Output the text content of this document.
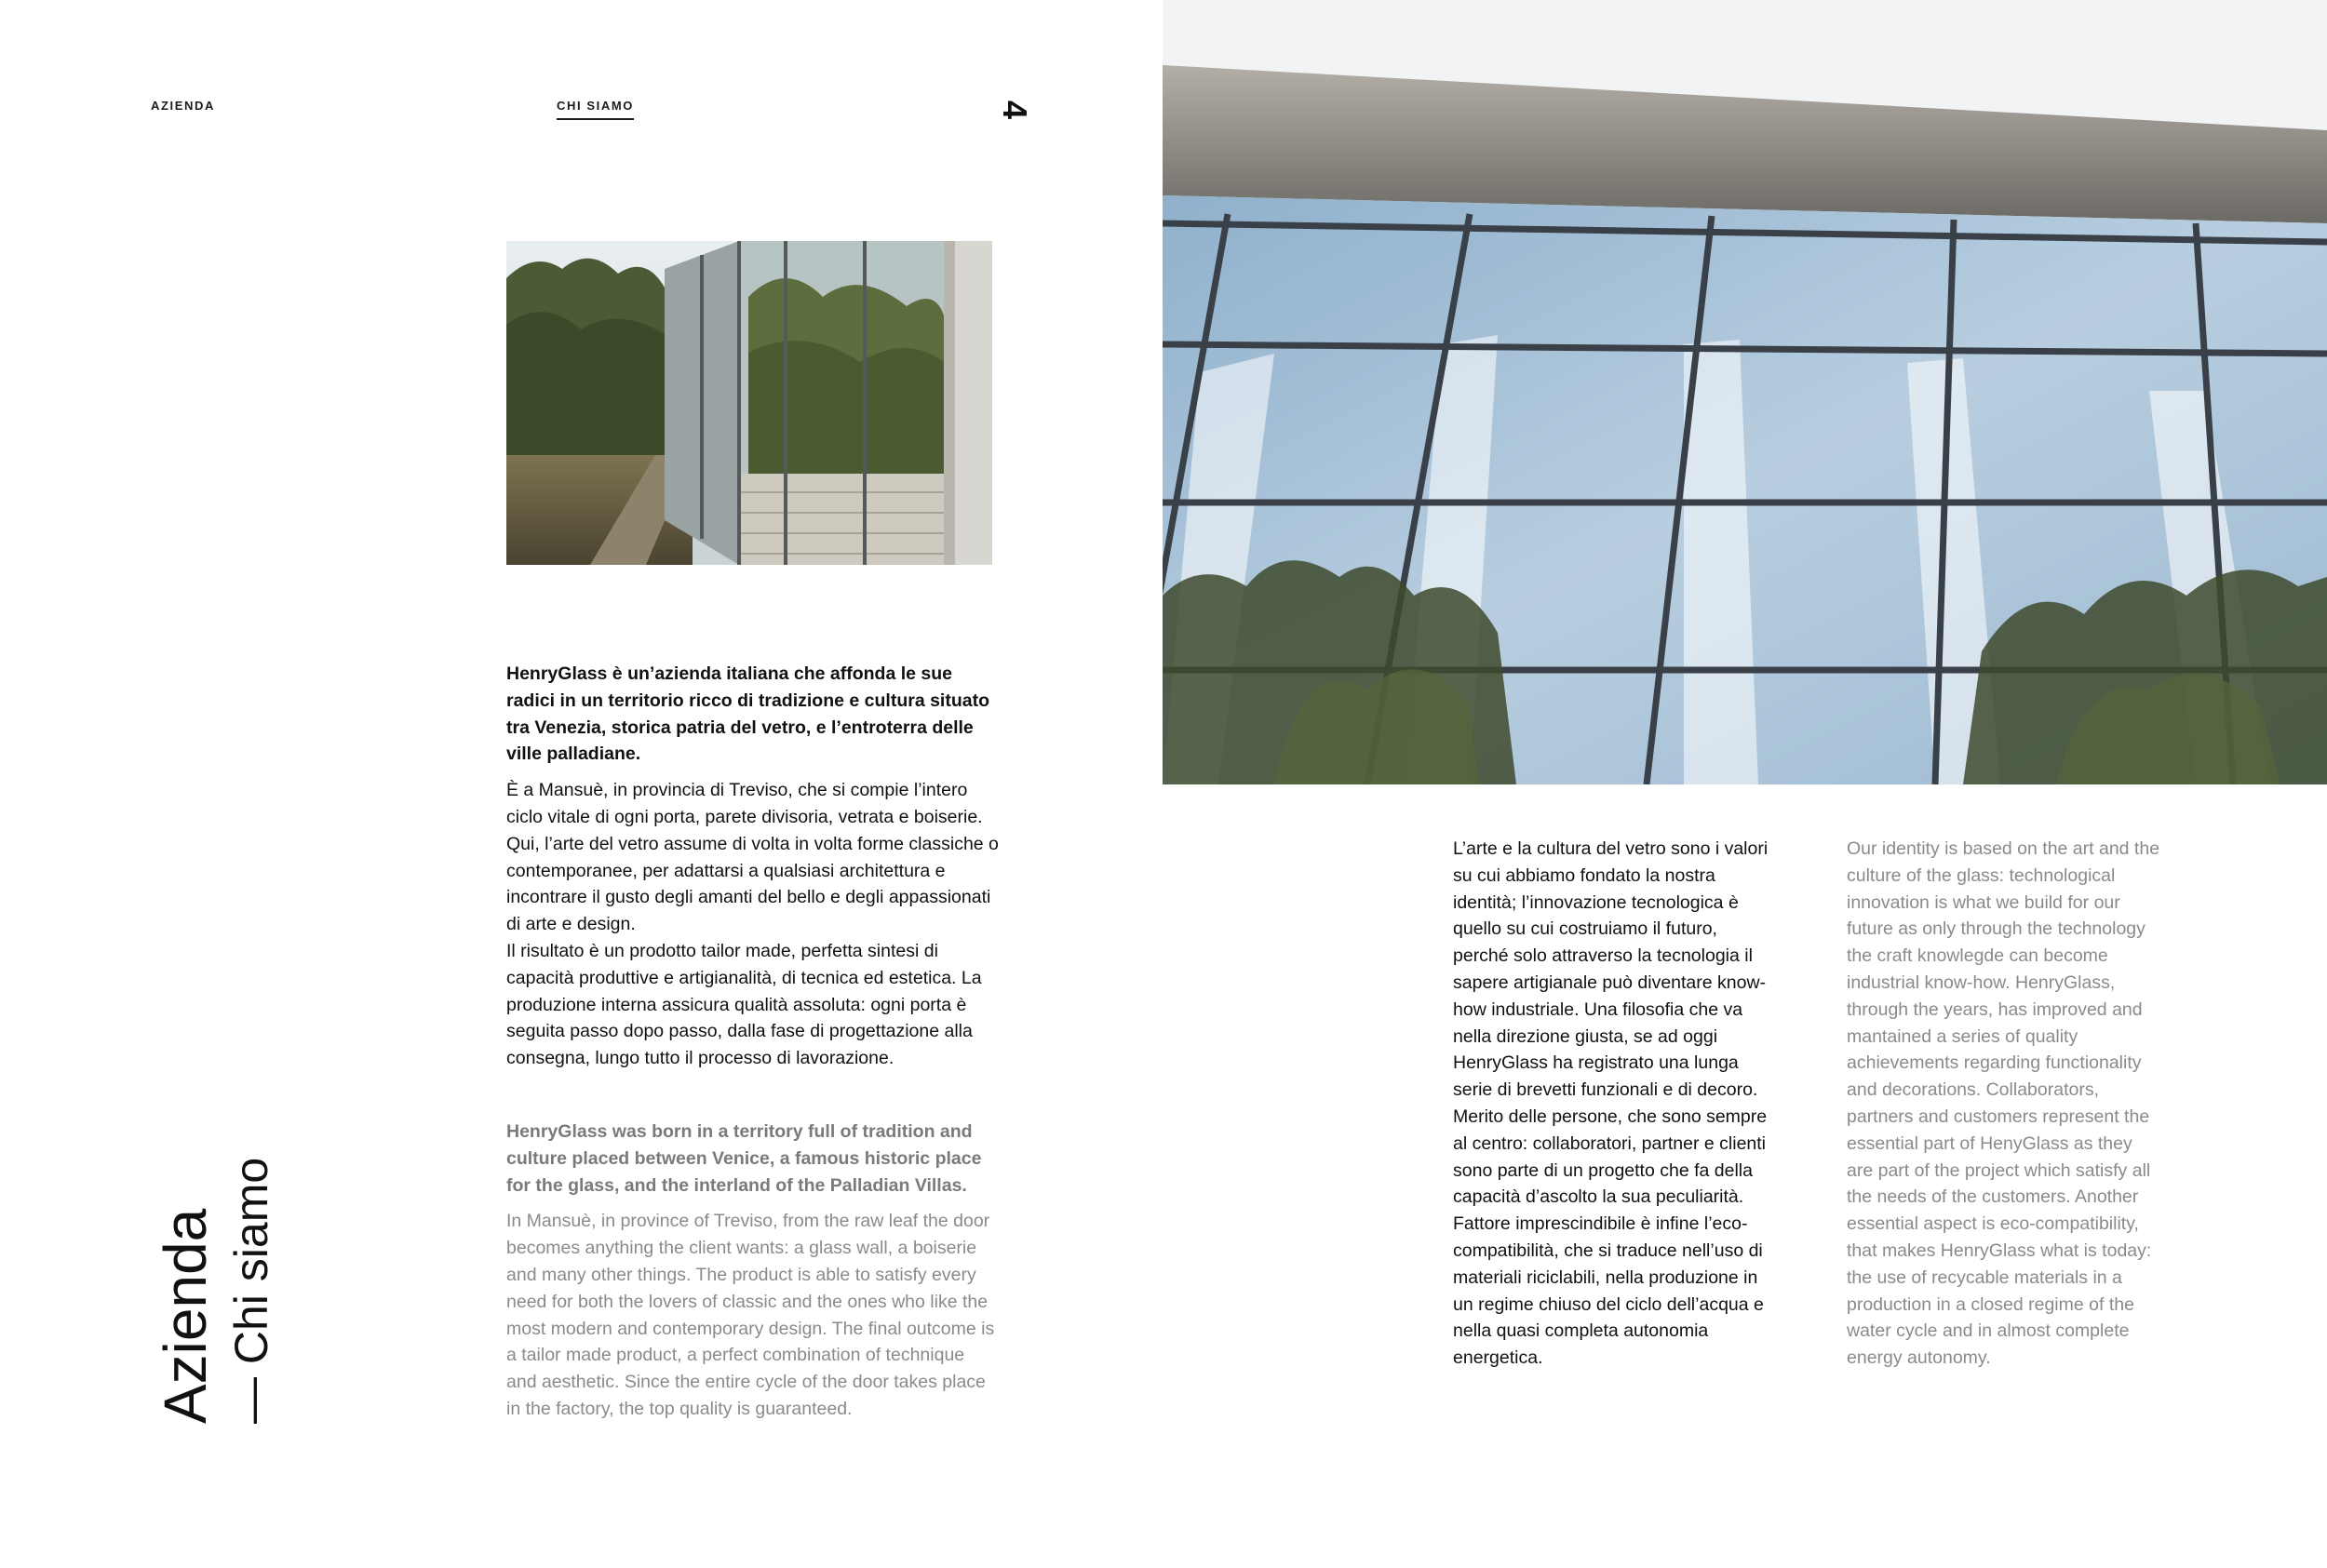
AZIENDA	CHI SIAMO	4
Azienda — Chi siamo

HenryGlass è un’azienda italiana che affonda le sue radici in un territorio ricco di tradizione e cultura situato tra Venezia, storica patria del vetro, e l’entroterra delle ville palladiane.

È a Mansuè, in provincia di Treviso, che si compie l’intero ciclo vitale di ogni porta, parete divisoria, vetrata e boiserie. Qui, l’arte del vetro assume di volta in volta forme classiche o contemporanee, per adattarsi a qualsiasi architettura e incontrare il gusto degli amanti del bello e degli appassionati di arte e design.

Il risultato è un prodotto tailor made, perfetta sintesi di capacità produttive e artigianalità, di tecnica ed estetica. La produzione interna assicura qualità assoluta: ogni porta è seguita passo dopo passo, dalla fase di progettazione alla consegna, lungo tutto il processo di lavorazione.

HenryGlass was born in a territory full of tradition and culture placed between Venice, a famous historic place for the glass, and the interland of the Palladian Villas.

In Mansuè, in province of Treviso, from the raw leaf the door becomes anything the client wants: a glass wall, a boiserie and many other things. The product is able to satisfy every need for both the lovers of classic and the ones who like the most modern and contemporary design. The final outcome is a tailor made product, a perfect combination of technique and aesthetic. Since the entire cycle of the door takes place in the factory, the top quality is guaranteed.

L’arte e la cultura del vetro sono i valori su cui abbiamo fondato la nostra identità; l’innovazione tecnologica è quello su cui costruiamo il futuro, perché solo attraverso la tecnologia il sapere artigianale può diventare know-how industriale. Una filosofia che va nella direzione giusta, se ad oggi HenryGlass ha registrato una lunga serie di brevetti funzionali e di decoro. Merito delle persone, che sono sempre al centro: collaboratori, partner e clienti sono parte di un progetto che fa della capacità d’ascolto la sua peculiarità.

Fattore imprescindibile è infine l’eco-compatibilità, che si traduce nell’uso di materiali riciclabili, nella produzione in un regime chiuso del ciclo dell’acqua e nella quasi completa autonomia energetica.

Our identity is based on the art and the culture of the glass: technological innovation is what we build for our future as only through the technology the craft knowlegde can become industrial know-how. HenryGlass, through the years, has improved and mantained a series of quality achievements regarding functionality and decorations. Collaborators, partners and customers represent the essential part of HenyGlass as they are part of the project which satisfy all the needs of the customers. Another essential aspect is eco-compatibility, that makes HenryGlass what is today: the use of recycable materials in a production in a closed regime of the water cycle and in almost complete energy autonomy.
